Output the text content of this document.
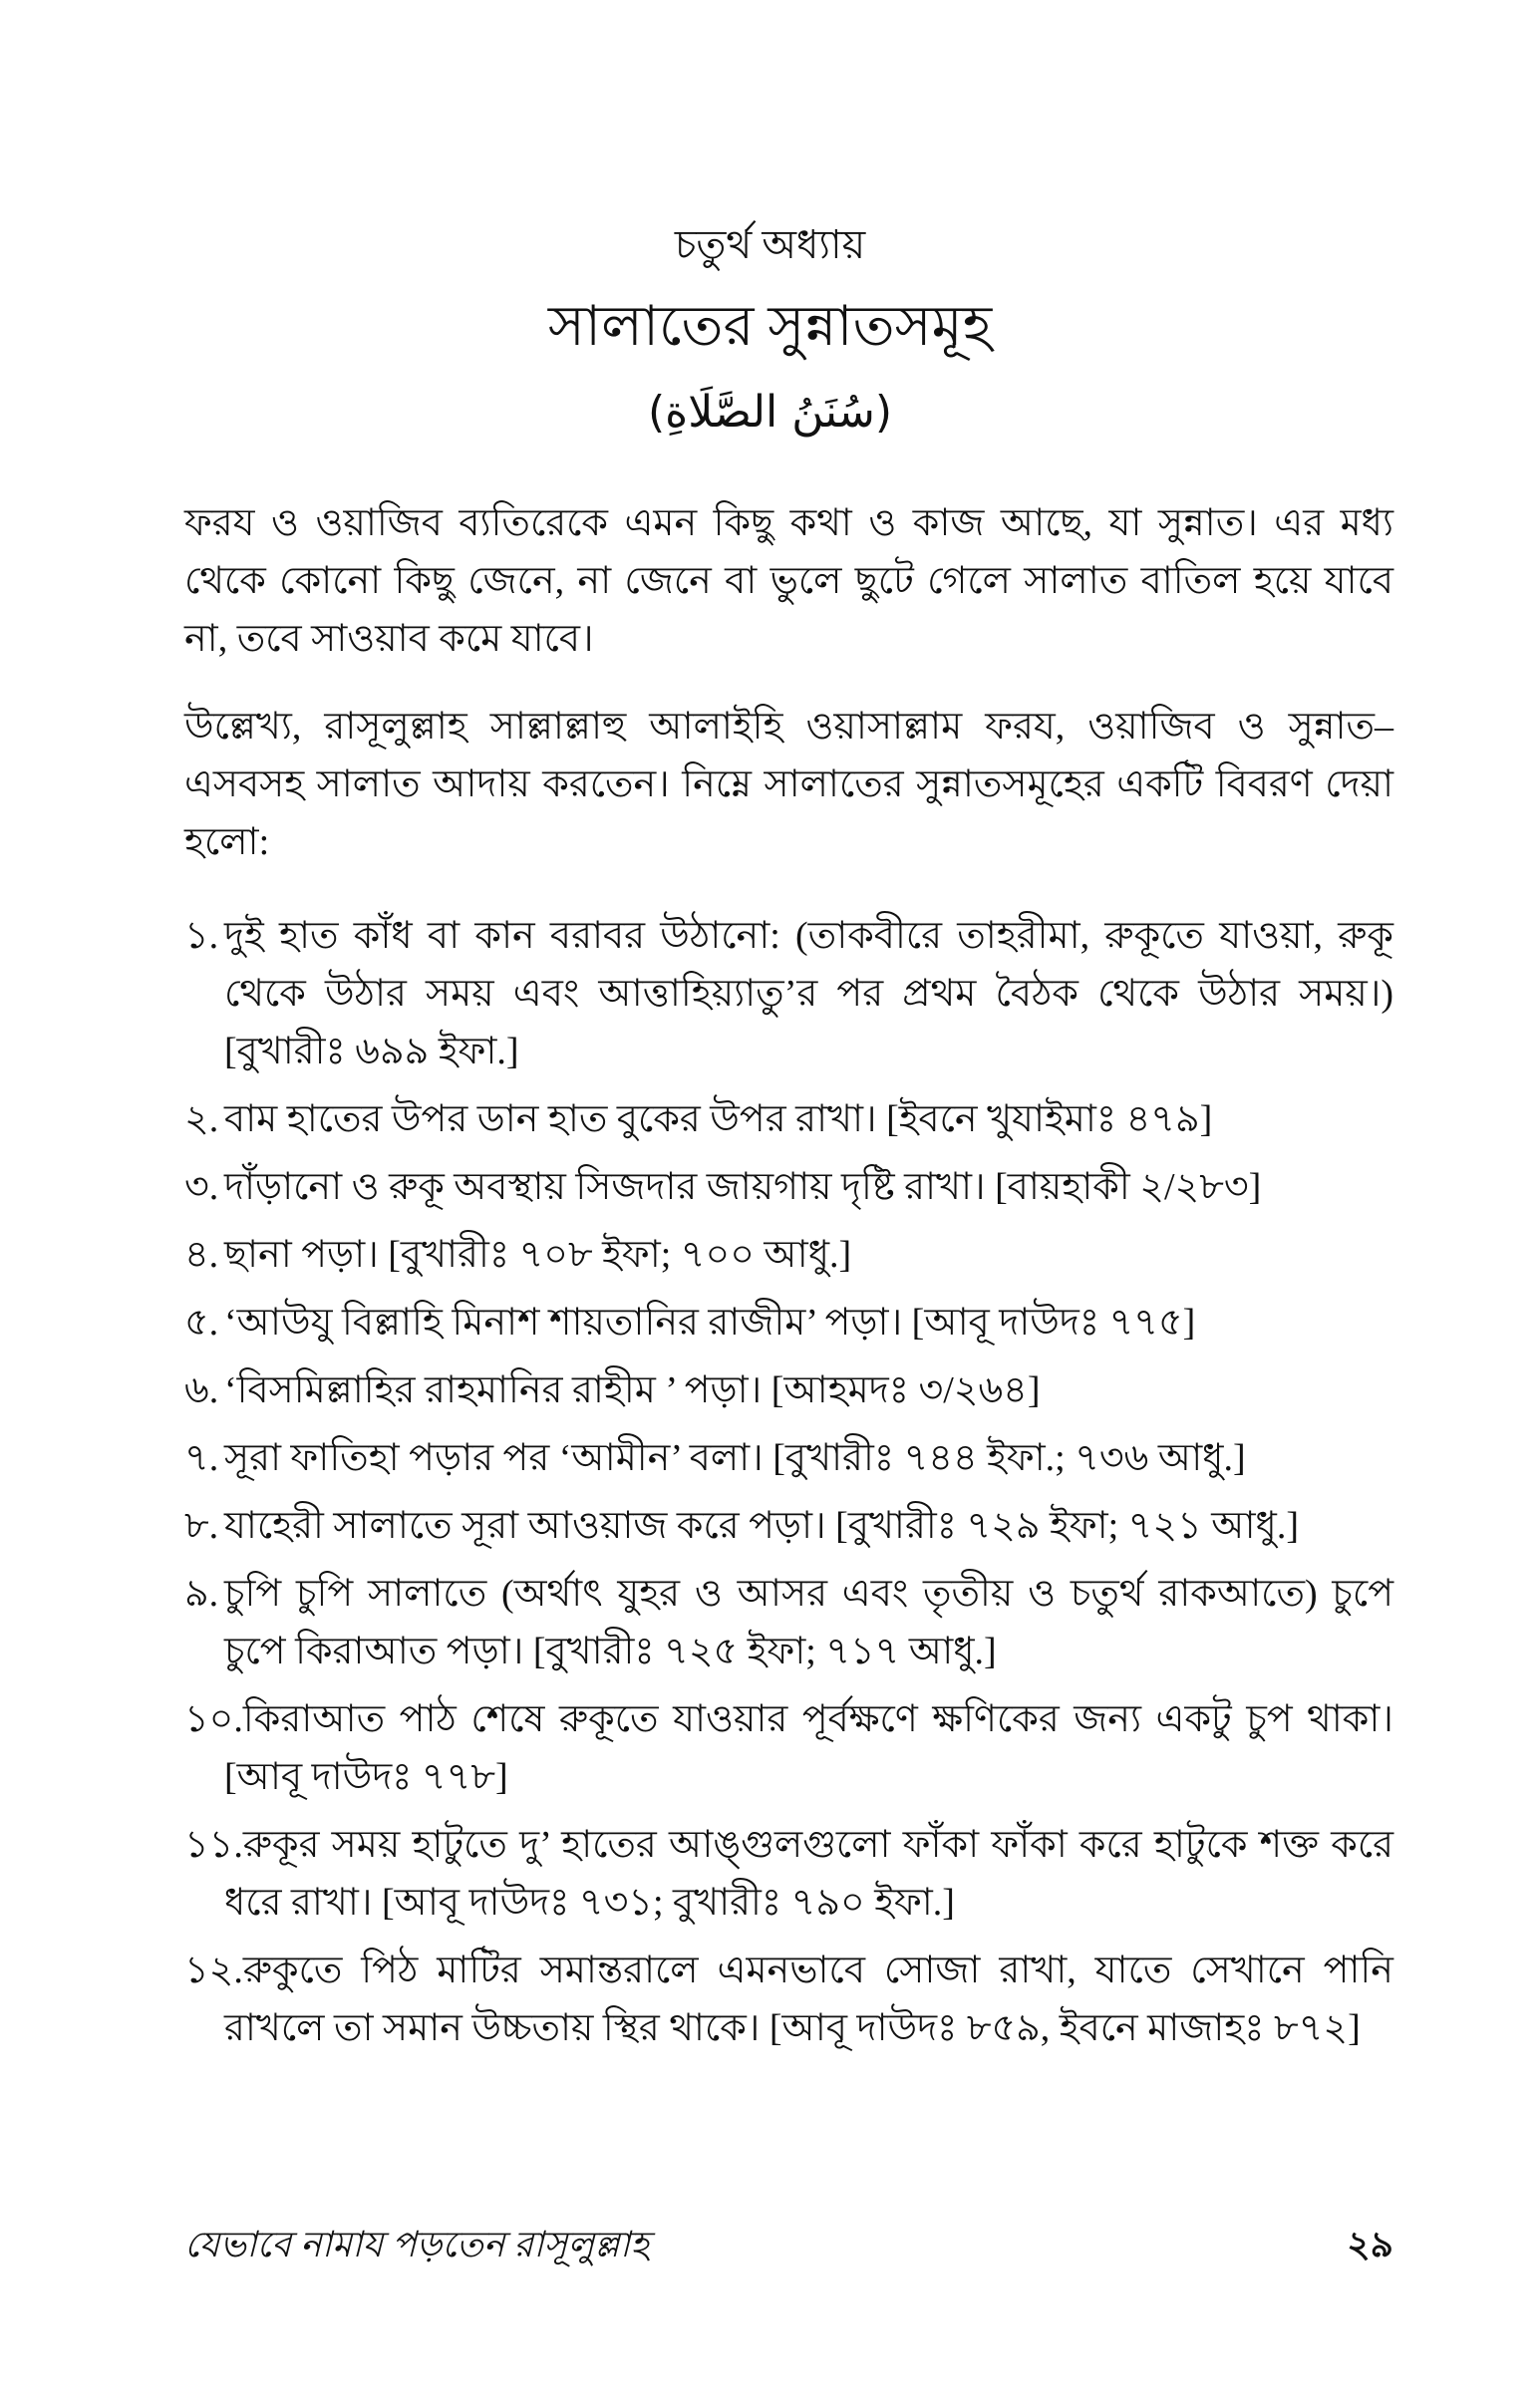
চতুর্থ অধ্যায়
সালাতের সুন্নাতসমূহ
(سُنَنُ الصَّلَاةِ)

ফরয ও ওয়াজিব ব্যতিরেকে এমন কিছু কথা ও কাজ আছে, যা সুন্নাত। এর মধ্য থেকে কোনো কিছু জেনে, না জেনে বা ভুলে ছুটে গেলে সালাত বাতিল হয়ে যাবে না, তবে সাওয়াব কমে যাবে।

উল্লেখ্য, রাসূলুল্লাহ সাল্লাল্লাহু আলাইহি ওয়াসাল্লাম ফরয, ওয়াজিব ও সুন্নাত–এসবসহ সালাত আদায় করতেন। নিম্নে সালাতের সুন্নাতসমূহের একটি বিবরণ দেয়া হলো:

১. দুই হাত কাঁধ বা কান বরাবর উঠানো: (তাকবীরে তাহরীমা, রুকূতে যাওয়া, রুকূ থেকে উঠার সময় এবং আত্তাহিয়্যাতু’র পর প্রথম বৈঠক থেকে উঠার সময়।) [বুখারীঃ ৬৯৯ ইফা.]
২. বাম হাতের উপর ডান হাত বুকের উপর রাখা। [ইবনে খুযাইমাঃ ৪৭৯]
৩. দাঁড়ানো ও রুকূ অবস্থায় সিজদার জায়গায় দৃষ্টি রাখা। [বায়হাকী ২/২৮৩]
৪. ছানা পড়া। [বুখারীঃ ৭০৮ ইফা; ৭০০ আধু.]
৫. ‘আউযু বিল্লাহি মিনাশ শায়তানির রাজীম’ পড়া। [আবূ দাউদঃ ৭৭৫]
৬. ‘বিসমিল্লাহির রাহমানির রাহীম ’ পড়া। [আহমদঃ ৩/২৬৪]
৭. সূরা ফাতিহা পড়ার পর ‘আমীন’ বলা। [বুখারীঃ ৭৪৪ ইফা.; ৭৩৬ আধু.]
৮. যাহেরী সালাতে সূরা আওয়াজ করে পড়া। [বুখারীঃ ৭২৯ ইফা; ৭২১ আধু.]
৯. চুপি চুপি সালাতে (অর্থাৎ যুহর ও আসর এবং তৃতীয় ও চতুর্থ রাকআতে) চুপে চুপে কিরাআত পড়া। [বুখারীঃ ৭২৫ ইফা; ৭১৭ আধু.]
১০.কিরাআত পাঠ শেষে রুকূতে যাওয়ার পূর্বক্ষণে ক্ষণিকের জন্য একটু চুপ থাকা। [আবূ দাউদঃ ৭৭৮]
১১.রুকূর সময় হাটুতে দু’ হাতের আঙ্গুলগুলো ফাঁকা ফাঁকা করে হাটুকে শক্ত করে ধরে রাখা। [আবূ দাউদঃ ৭৩১; বুখারীঃ ৭৯০ ইফা.]
১২.রুকুতে পিঠ মাটির সমান্তরালে এমনভাবে সোজা রাখা, যাতে সেখানে পানি রাখলে তা সমান উচ্চতায় স্থির থাকে। [আবূ দাউদঃ ৮৫৯, ইবনে মাজাহঃ ৮৭২]
যেভাবে নামায পড়তেন রাসূলুল্লাহ	২৯
